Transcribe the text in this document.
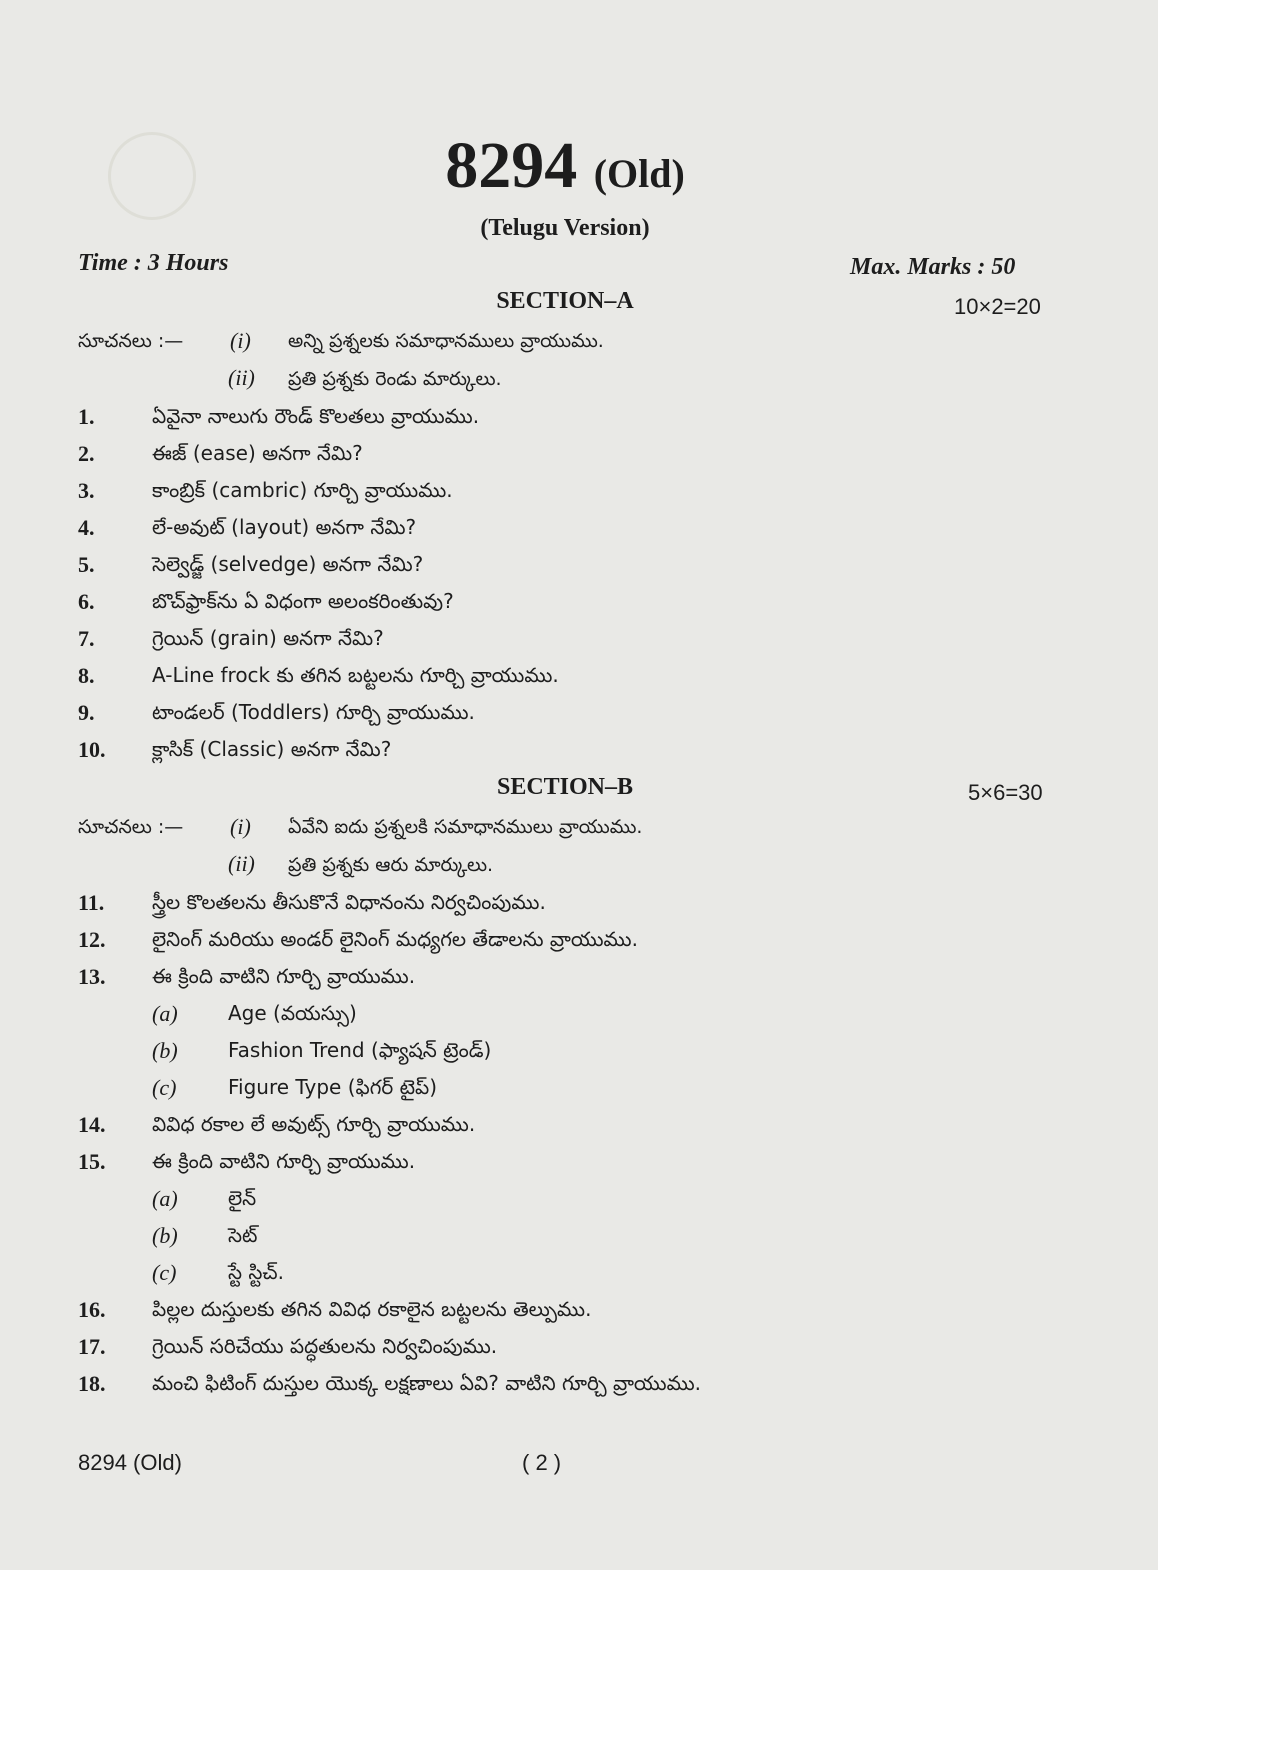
8294 (Old)
(Telugu Version)
Time : 3 Hours	Max. Marks : 50
SECTION–A	10×2=20
సూచనలు :— (i) అన్ని ప్రశ్నలకు సమాధానములు వ్రాయుము.
(ii) ప్రతి ప్రశ్నకు రెండు మార్కులు.
1.	ఏవైనా నాలుగు రౌండ్ కొలతలు వ్రాయుము.
2.	ఈజ్ (ease) అనగా నేమి?
3.	కాంబ్రిక్ (cambric) గూర్చి వ్రాయుము.
4.	లే-అవుట్ (layout) అనగా నేమి?
5.	సెల్వెడ్జ్ (selvedge) అనగా నేమి?
6.	బొచ్‌ఫ్రాక్‌ను ఏ విధంగా అలంకరింతువు?
7.	గ్రెయిన్ (grain) అనగా నేమి?
8.	A-Line frock కు తగిన బట్టలను గూర్చి వ్రాయుము.
9.	టాండలర్ (Toddlers) గూర్చి వ్రాయుము.
10. క్లాసిక్ (Classic) అనగా నేమి?
SECTION–B	5×6=30
సూచనలు :— (i) ఏవేని ఐదు ప్రశ్నలకి సమాధానములు వ్రాయుము.
(ii) ప్రతి ప్రశ్నకు ఆరు మార్కులు.
11. స్త్రీల కొలతలను తీసుకొనే విధానంను నిర్వచింపుము.
12. లైనింగ్ మరియు అండర్ లైనింగ్ మధ్యగల తేడాలను వ్రాయుము.
13. ఈ క్రింది వాటిని గూర్చి వ్రాయుము.
(a)	Age (వయస్సు)
(b)	Fashion Trend (ఫ్యాషన్ ట్రెండ్)
(c)	Figure Type (ఫిగర్ టైప్)
14. వివిధ రకాల లే అవుట్స్ గూర్చి వ్రాయుము.
15. ఈ క్రింది వాటిని గూర్చి వ్రాయుము.
(a)	లైన్
(b)	సెట్
(c)	స్టే స్టిచ్.
16. పిల్లల దుస్తులకు తగిన వివిధ రకాలైన బట్టలను తెల్పుము.
17. గ్రెయిన్ సరిచేయు పద్ధతులను నిర్వచింపుము.
18. మంచి ఫిటింగ్ దుస్తుల యొక్క లక్షణాలు ఏవి? వాటిని గూర్చి వ్రాయుము.
8294 (Old)	( 2 )
